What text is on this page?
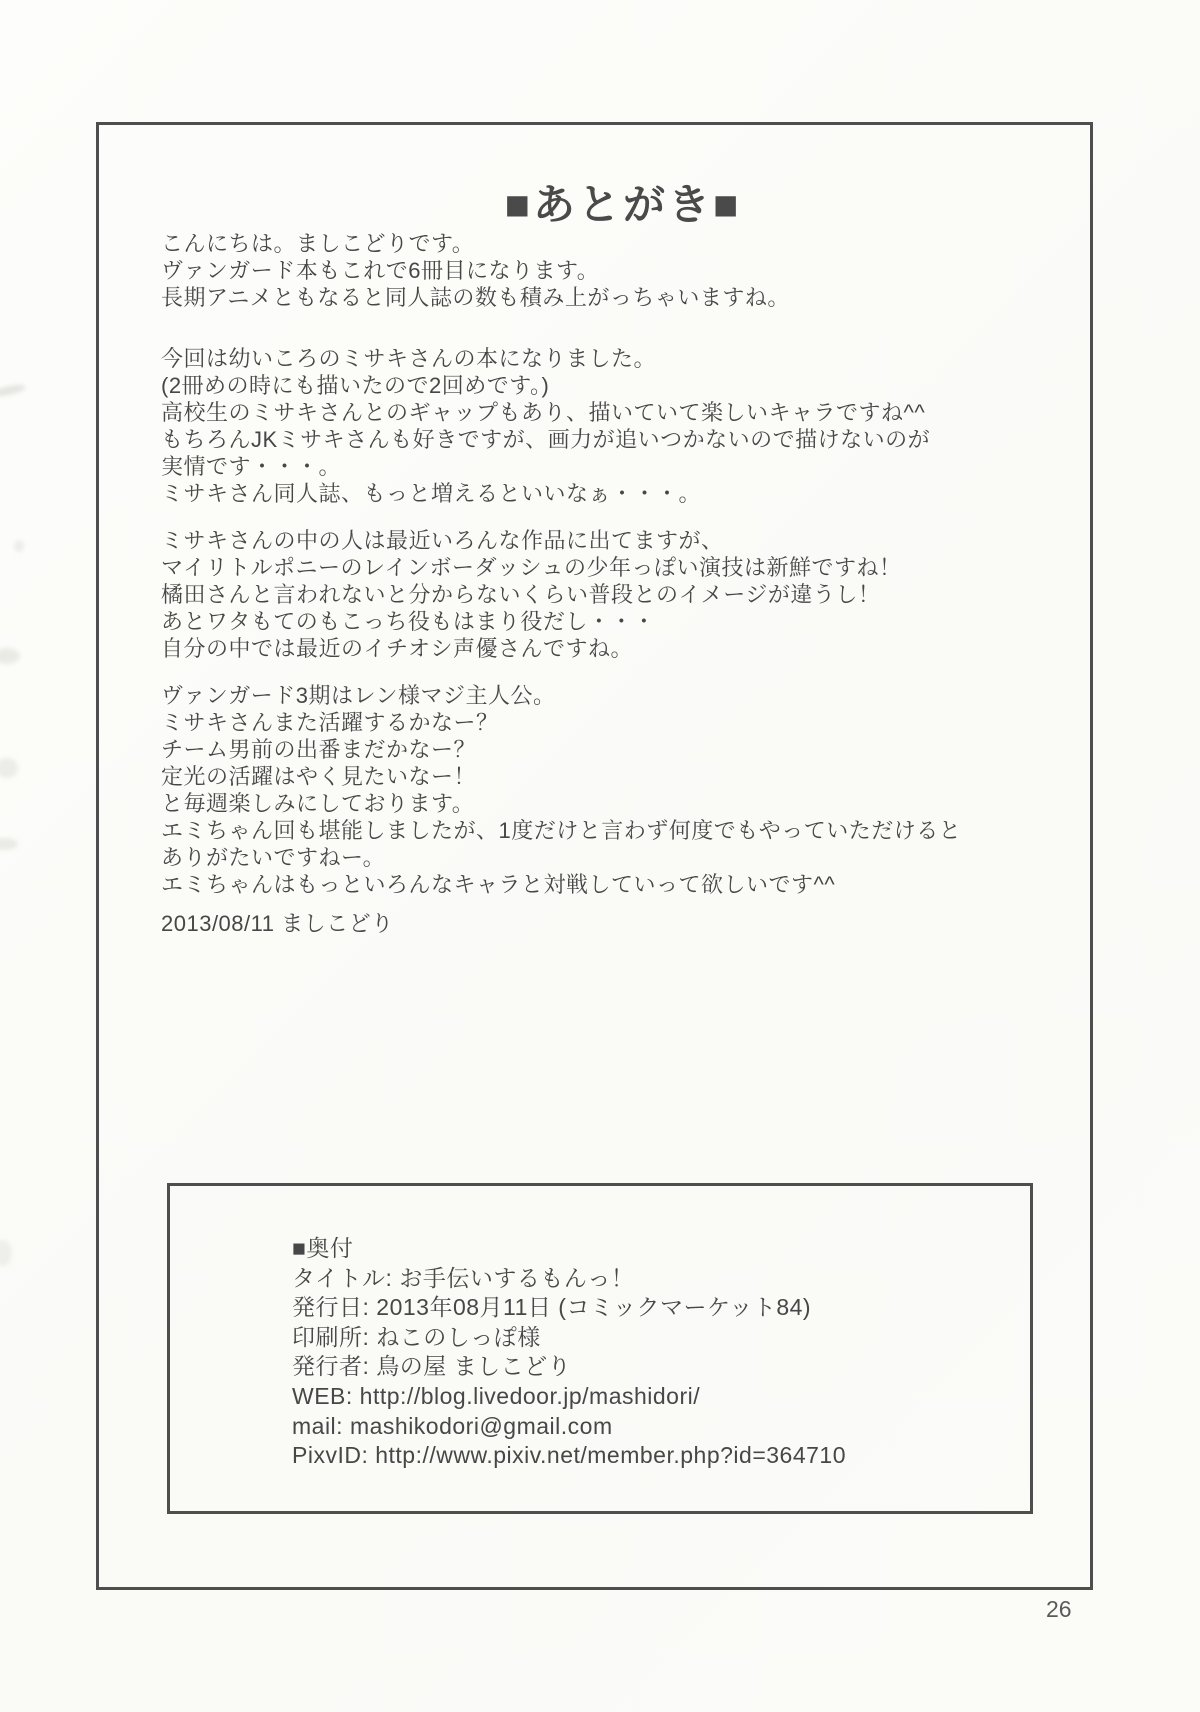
■あとがき■
こんにちは。ましこどりです。
ヴァンガード本もこれで6冊目になります。
長期アニメともなると同人誌の数も積み上がっちゃいますね。
今回は幼いころのミサキさんの本になりました。
(2冊めの時にも描いたので2回めです。)
高校生のミサキさんとのギャップもあり、描いていて楽しいキャラですね^^
もちろんJKミサキさんも好きですが、画力が追いつかないので描けないのが
実情です・・・。
ミサキさん同人誌、もっと増えるといいなぁ・・・。
ミサキさんの中の人は最近いろんな作品に出てますが、
マイリトルポニーのレインボーダッシュの少年っぽい演技は新鮮ですね！
橘田さんと言われないと分からないくらい普段とのイメージが違うし！
あとワタもてのもこっち役もはまり役だし・・・
自分の中では最近のイチオシ声優さんですね。
ヴァンガード3期はレン様マジ主人公。
ミサキさんまた活躍するかなー？
チーム男前の出番まだかなー？
定光の活躍はやく見たいなー！
と毎週楽しみにしております。
エミちゃん回も堪能しましたが、1度だけと言わず何度でもやっていただけると
ありがたいですねー。
エミちゃんはもっといろんなキャラと対戦していって欲しいです^^
2013/08/11 ましこどり
■奥付
タイトル: お手伝いするもんっ！
発行日: 2013年08月11日 (コミックマーケット84)
印刷所: ねこのしっぽ様
発行者: 鳥の屋 ましこどり
WEB: http://blog.livedoor.jp/mashidori/
mail: mashikodori@gmail.com
PixvID: http://www.pixiv.net/member.php?id=364710
26
